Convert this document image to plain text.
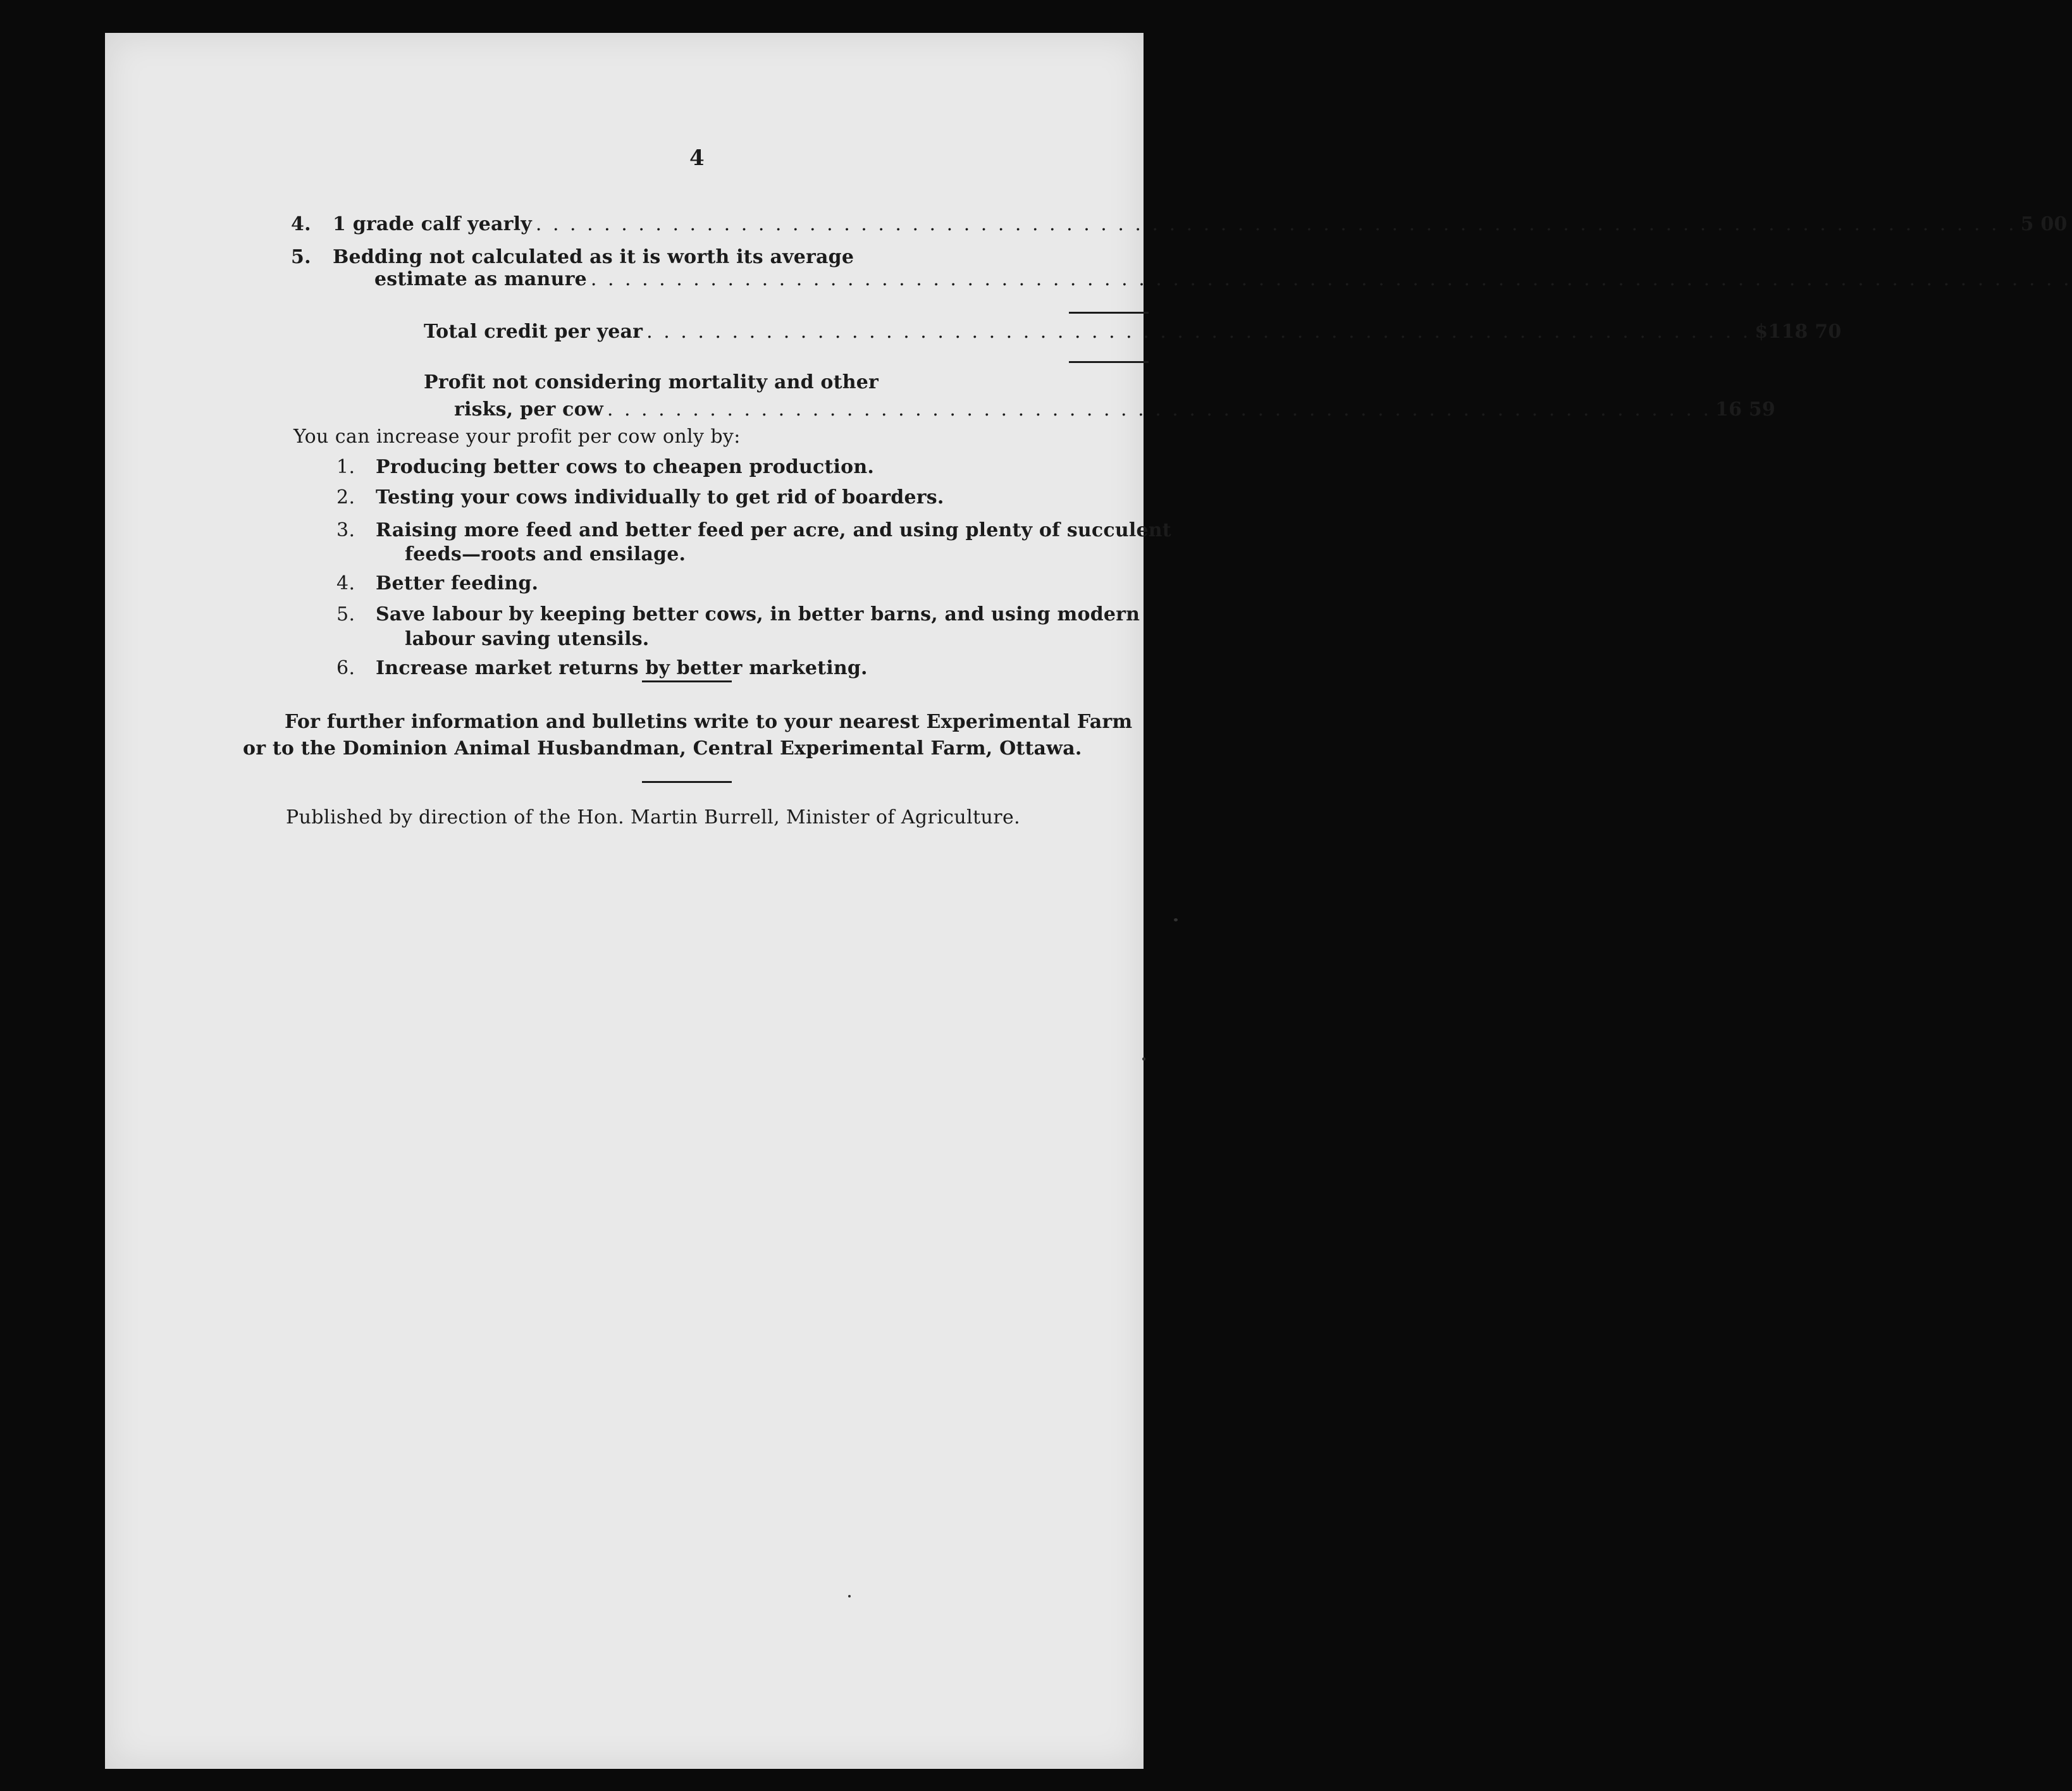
4
4. 1 grade calf yearly . . . . . . . . . . . . . . . . . . . . . . . . . . . . . . . . . . . . . . . . . . . . . . . . . . . . . . . . . . . . . . . . . . . . . . . . . . . . . . . . . . . . . . . 5 00
5. Bedding not calculated as it is worth its average
estimate as manure . . . . . . . . . . . . . . . . . . . . . . . . . . . . . . . . . . . . . . . . . . . . . . . . . . . . . . . . . . . . . . . . . . . . . . . . . . . . . . . . . . . . . . .
Total credit per year . . . . . . . . . . . . . . . . . . . . . . . . . . . . . . . . . . . . . . . . . . . . . . . . . . . . . . . . . . . . . . . . . $118 70
Profit not considering mortality and other
risks, per cow . . . . . . . . . . . . . . . . . . . . . . . . . . . . . . . . . . . . . . . . . . . . . . . . . . . . . . . . . . . . . . . . . 16 59
You can increase your profit per cow only by:
1. Producing better cows to cheapen production.
2. Testing your cows individually to get rid of boarders.
3. Raising more feed and better feed per acre, and using plenty of succulent
feeds—roots and ensilage.
4. Better feeding.
5. Save labour by keeping better cows, in better barns, and using modern
labour saving utensils.
6. Increase market returns by better marketing.
For further information and bulletins write to your nearest Experimental Farm
or to the Dominion Animal Husbandman, Central Experimental Farm, Ottawa.
Published by direction of the Hon. Martin Burrell, Minister of Agriculture.
